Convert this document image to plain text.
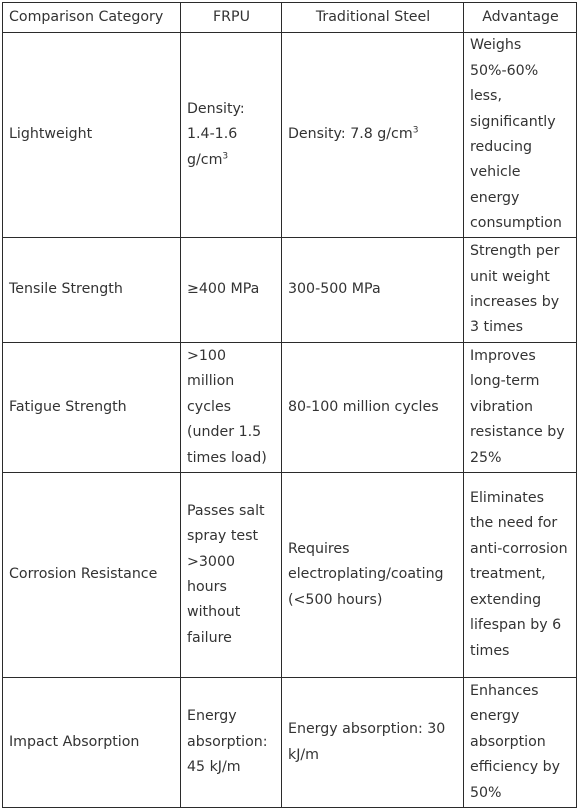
Comparison Category	FRPU	Traditional Steel	Advantage
Lightweight	Density: 1.4-1.6 $g/cm^3$	Density: 7.8 $g/cm^3$	Weighs 50%-60% less, significantly reducing vehicle energy consumption
Tensile Strength	≥400 MPa	300-500 MPa	Strength per unit weight increases by 3 times
Fatigue Strength	>100 million cycles (under 1.5 times load)	80-100 million cycles	Improves long-term vibration resistance by 25%
Corrosion Resistance	Passes salt spray test >3000 hours without failure	Requires electroplating/coating (<500 hours)	Eliminates the need for anti-corrosion treatment, extending lifespan by 6 times
Impact Absorption	Energy absorption: 45 kJ/m	Energy absorption: 30 kJ/m	Enhances energy absorption efficiency by 50%
